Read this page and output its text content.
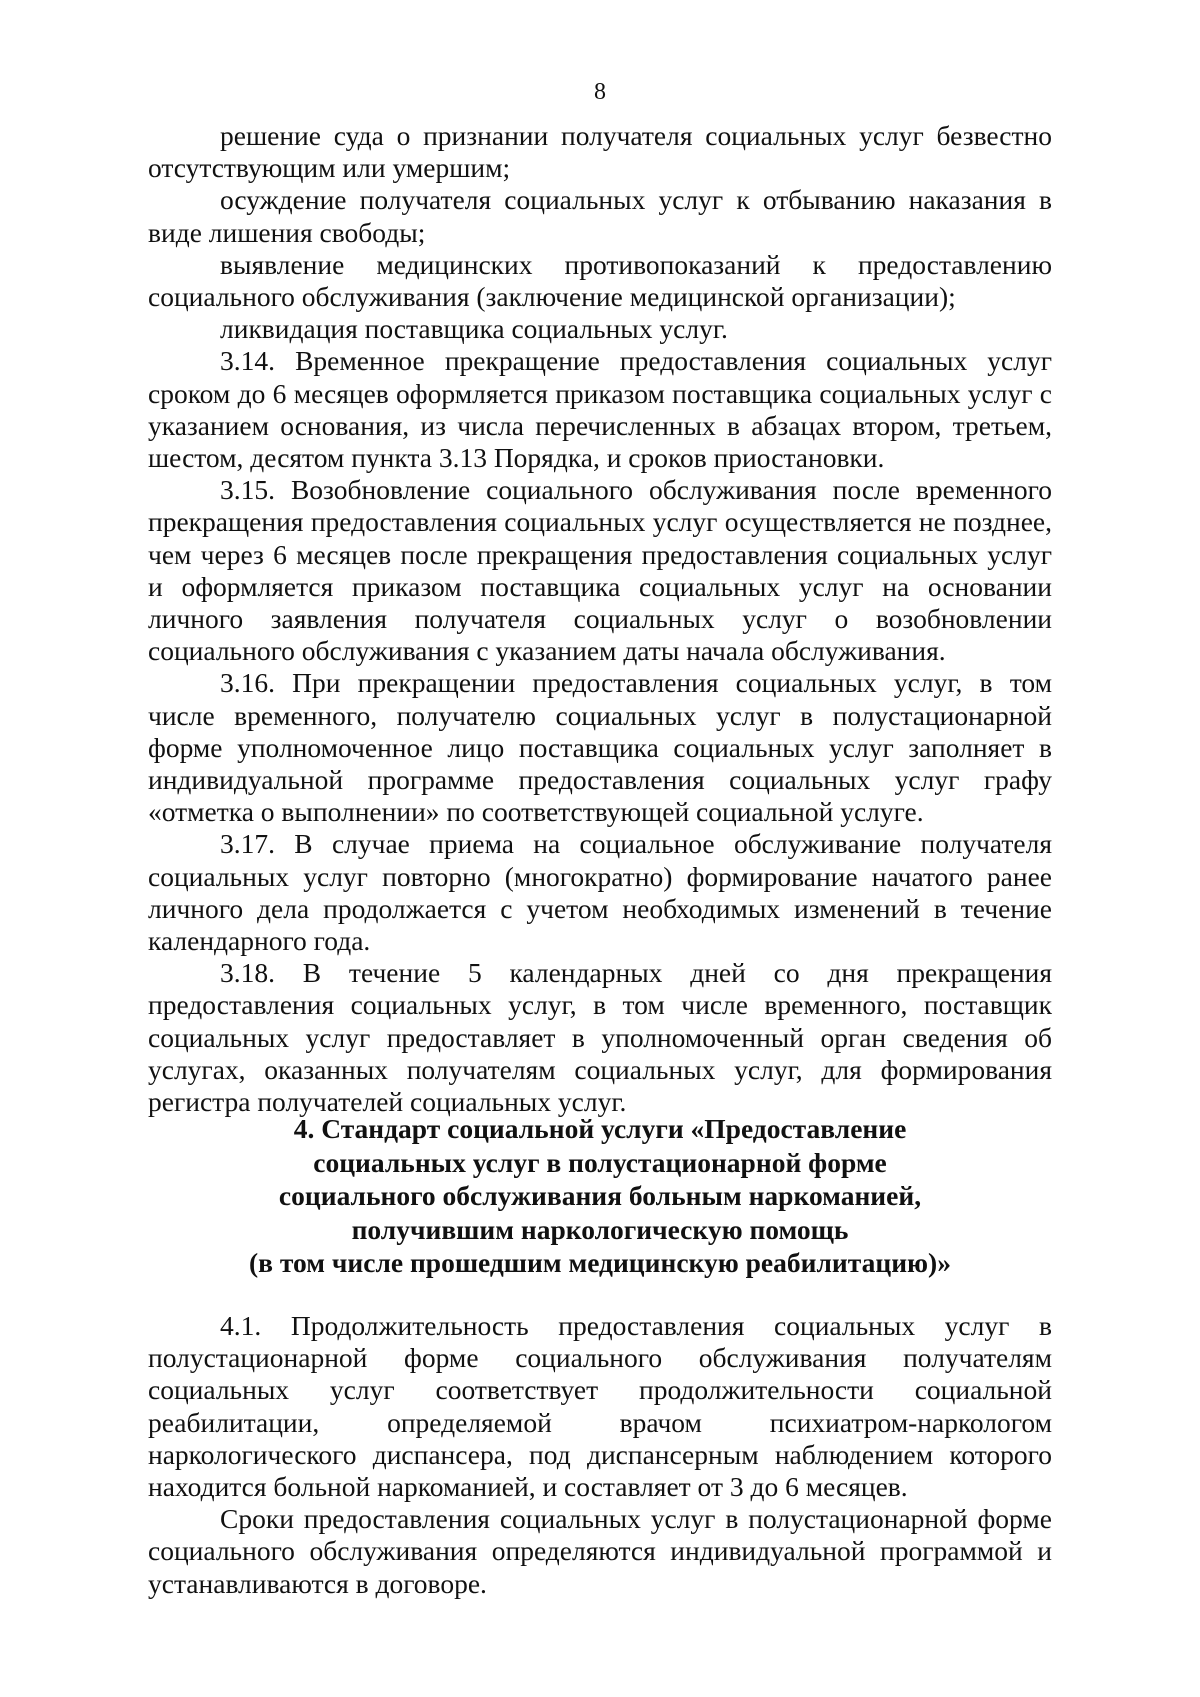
8

решение суда о признании получателя социальных услуг безвестно отсутствующим или умершим;

осуждение получателя социальных услуг к отбыванию наказания в виде лишения свободы;

выявление медицинских противопоказаний к предоставлению социального обслуживания (заключение медицинской организации);

ликвидация поставщика социальных услуг.

3.14. Временное прекращение предоставления социальных услуг сроком до 6 месяцев оформляется приказом поставщика социальных услуг с указанием основания, из числа перечисленных в абзацах втором, третьем, шестом, десятом пункта 3.13 Порядка, и сроков приостановки.

3.15. Возобновление социального обслуживания после временного прекращения предоставления социальных услуг осуществляется не позднее, чем через 6 месяцев после прекращения предоставления социальных услуг и оформляется приказом поставщика социальных услуг на основании личного заявления получателя социальных услуг о возобновлении социального обслуживания с указанием даты начала обслуживания.

3.16. При прекращении предоставления социальных услуг, в том числе временного, получателю социальных услуг в полустационарной форме уполномоченное лицо поставщика социальных услуг заполняет в индивидуальной программе предоставления социальных услуг графу «отметка о выполнении» по соответствующей социальной услуге.

3.17. В случае приема на социальное обслуживание получателя социальных услуг повторно (многократно) формирование начатого ранее личного дела продолжается с учетом необходимых изменений в течение календарного года.

3.18. В течение 5 календарных дней со дня прекращения предоставления социальных услуг, в том числе временного, поставщик социальных услуг предоставляет в уполномоченный орган сведения об услугах, оказанных получателям социальных услуг, для формирования регистра получателей социальных услуг.

4. Стандарт социальной услуги «Предоставление
социальных услуг в полустационарной форме
социального обслуживания больным наркоманией,
получившим наркологическую помощь
(в том числе прошедшим медицинскую реабилитацию)»

4.1. Продолжительность предоставления социальных услуг в полустационарной форме социального обслуживания получателям социальных услуг соответствует продолжительности социальной реабилитации, определяемой врачом психиатром-наркологом наркологического диспансера, под диспансерным наблюдением которого находится больной наркоманией, и составляет от 3 до 6 месяцев.

Сроки предоставления социальных услуг в полустационарной форме социального обслуживания определяются индивидуальной программой и устанавливаются в договоре.
